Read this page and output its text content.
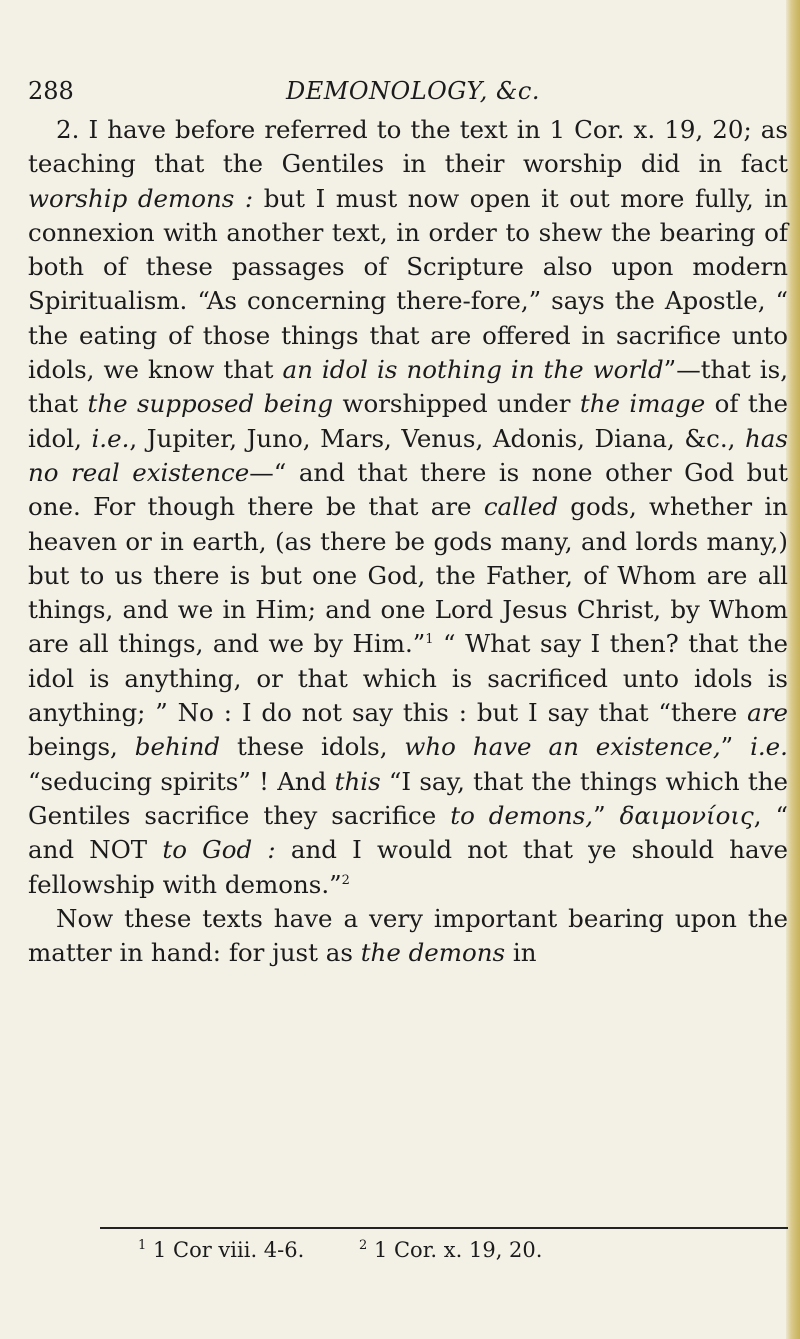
288	DEMONOLOGY, &c.

2. I have before referred to the text in 1 Cor. x. 19, 20; as teaching that the Gentiles in their worship did in fact worship demons : but I must now open it out more fully, in connexion with another text, in order to shew the bearing of both of these passages of Scripture also upon modern Spiritualism. “As concerning there-fore,” says the Apostle, “ the eating of those things that are offered in sacrifice unto idols, we know that an idol is nothing in the world”—that is, that the supposed being worshipped under the image of the idol, i.e., Jupiter, Juno, Mars, Venus, Adonis, Diana, &c., has no real existence—“ and that there is none other God but one. For though there be that are called gods, whether in heaven or in earth, (as there be gods many, and lords many,) but to us there is but one God, the Father, of Whom are all things, and we in Him; and one Lord Jesus Christ, by Whom are all things, and we by Him.”$^1$ “ What say I then? that the idol is anything, or that which is sacrificed unto idols is anything; ” No : I do not say this : but I say that “there are beings, behind these idols, who have an existence,” i.e. “seducing spirits” ! And this “I say, that the things which the Gentiles sacrifice they sacrifice to demons,” δαιμονίοις, “ and NOT to God : and I would not that ye should have fellowship with demons.”$^2$

Now these texts have a very important bearing upon the matter in hand: for just as the demons in

$^1$ 1 Cor viii. 4-6.	$^2$ 1 Cor. x. 19, 20.
